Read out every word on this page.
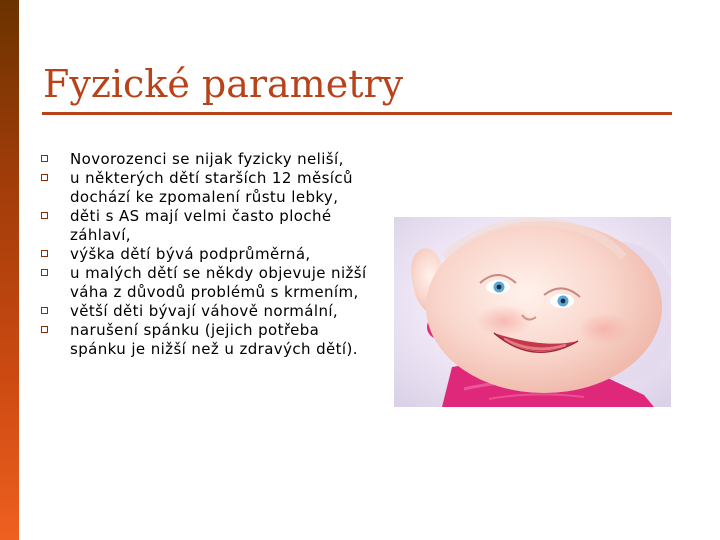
Fyzické parametry
Novorozenci se nijak fyzicky neliší,
u některých dětí starších 12 měsíců dochází ke zpomalení růstu lebky,
děti s AS mají velmi často ploché záhlaví,
výška dětí bývá podprůměrná,
u malých dětí se někdy objevuje nižší váha z důvodů problémů s krmením,
větší děti bývají váhově normální,
narušení spánku (jejich potřeba spánku je nižší než u zdravých dětí).
